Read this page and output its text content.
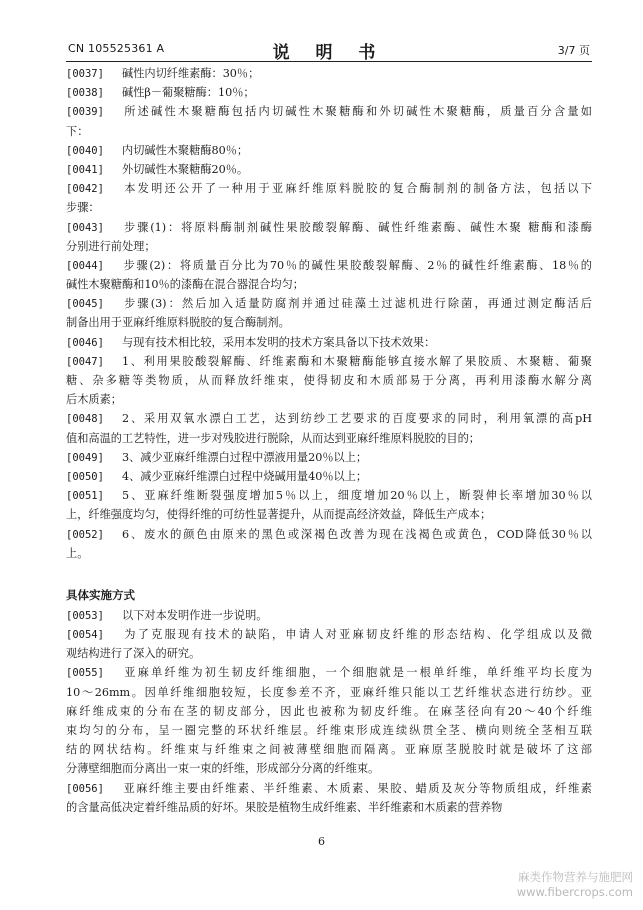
CN 105525361 A	说 明 书	3/7 页
[0037] 碱性内切纤维素酶：30％；
[0038] 碱性β－葡聚糖酶：10％；
[0039] 所述碱性木聚糖酶包括内切碱性木聚糖酶和外切碱性木聚糖酶，质量百分含量如
下：
[0040] 内切碱性木聚糖酶80％；
[0041] 外切碱性木聚糖酶20％。
[0042] 本发明还公开了一种用于亚麻纤维原料脱胶的复合酶制剂的制备方法，包括以下
步骤：
[0043] 步骤(1)：将原料酶制剂碱性果胶酸裂解酶、碱性纤维素酶、碱性木聚 糖酶和漆酶
分别进行前处理；
[0044] 步骤(2)：将质量百分比为70％的碱性果胶酸裂解酶、2％的碱性纤维素酶、18％的
碱性木聚糖酶和10％的漆酶在混合器混合均匀；
[0045] 步骤(3)：然后加入适量防腐剂并通过硅藻土过滤机进行除菌，再通过测定酶活后
制备出用于亚麻纤维原料脱胶的复合酶制剂。
[0046] 与现有技术相比较，采用本发明的技术方案具备以下技术效果：
[0047] 1、利用果胶酸裂解酶、纤维素酶和木聚糖酶能够直接水解了果胶质、木聚糖、葡聚
糖、杂多糖等类物质，从而释放纤维束，使得韧皮和木质部易于分离，再利用漆酶水解分离
后木质素；
[0048] 2、采用双氧水漂白工艺，达到纺纱工艺要求的百度要求的同时，利用氧漂的高pH
值和高温的工艺特性，进一步对残胶进行脱除，从而达到亚麻纤维原料脱胶的目的；
[0049] 3、减少亚麻纤维漂白过程中漂液用量20％以上；
[0050] 4、减少亚麻纤维漂白过程中烧碱用量40％以上；
[0051] 5、亚麻纤维断裂强度增加5％以上，细度增加20％以上，断裂伸长率增加30％以
上，纤维强度均匀，使得纤维的可纺性显著提升，从而提高经济效益，降低生产成本；
[0052] 6、废水的颜色由原来的黑色或深褐色改善为现在浅褐色或黄色，COD降低30％以
上。
具体实施方式
[0053] 以下对本发明作进一步说明。
[0054] 为了克服现有技术的缺陷，申请人对亚麻韧皮纤维的形态结构、化学组成以及微
观结构进行了深入的研究。
[0055] 亚麻单纤维为初生韧皮纤维细胞，一个细胞就是一根单纤维，单纤维平均长度为
10～26mm。因单纤维细胞较短，长度参差不齐，亚麻纤维只能以工艺纤维状态进行纺纱。亚
麻纤维成束的分布在茎的韧皮部分，因此也被称为韧皮纤维。在麻茎径向有20～40个纤维
束均匀的分布，呈一圈完整的环状纤维层。纤维束形成连续纵贯全茎、横向则统全茎相互联
结的网状结构。纤维束与纤维束之间被薄壁细胞而隔离。亚麻原茎脱胶时就是破坏了这部
分薄壁细胞而分离出一束一束的纤维，形成部分分离的纤维束。
[0056] 亚麻纤维主要由纤维素、半纤维素、木质素、果胶、蜡质及灰分等物质组成，纤维素
的含量高低决定着纤维品质的好坏。果胶是植物生成纤维素、半纤维素和木质素的营养物
6
麻类作物营养与施肥网
www.fibercrops.com
